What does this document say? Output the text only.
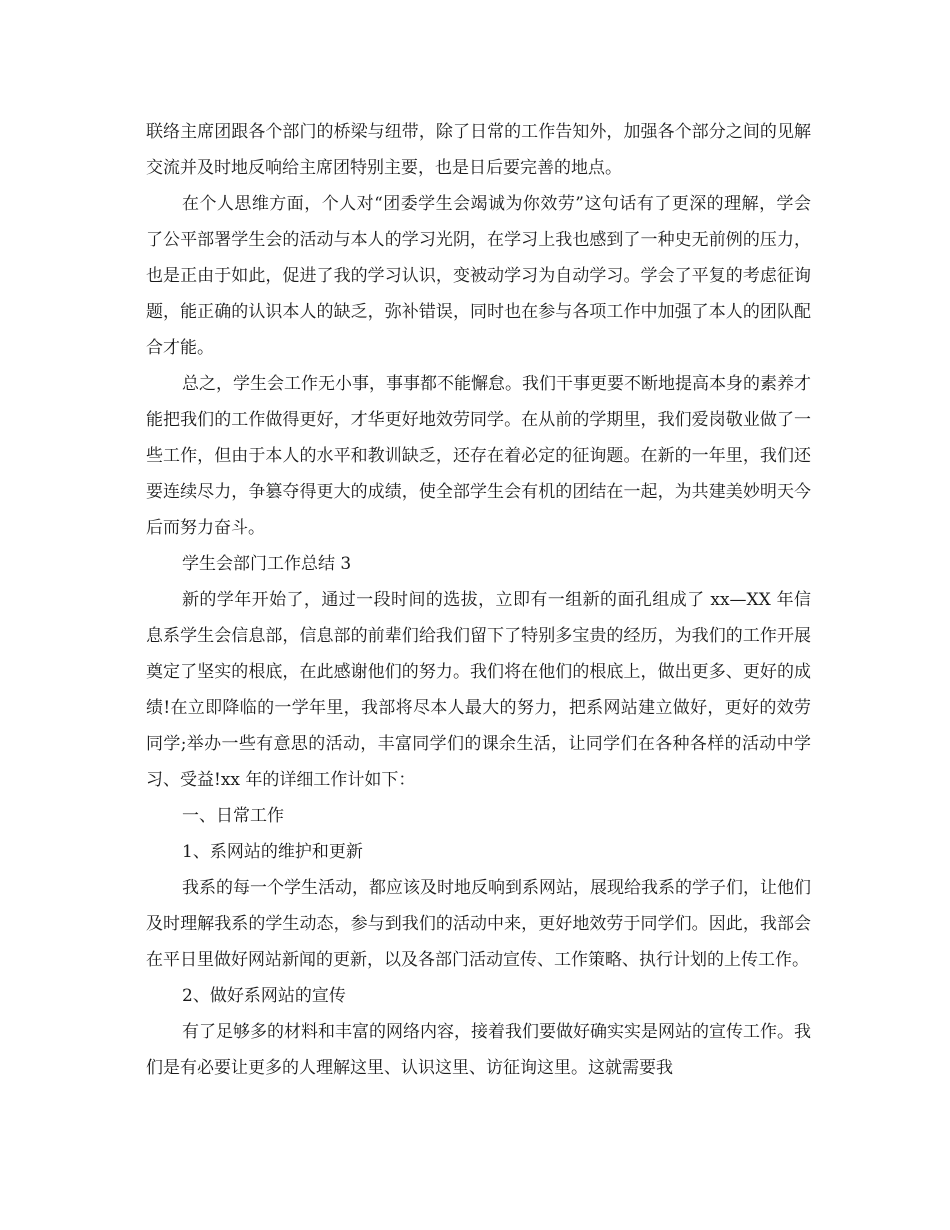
联络主席团跟各个部门的桥梁与纽带，除了日常的工作告知外，加强各个部分之间的见解交流并及时地反响给主席团特别主要，也是日后要完善的地点。

在个人思维方面，个人对“团委学生会竭诚为你效劳”这句话有了更深的理解，学会了公平部署学生会的活动与本人的学习光阴，在学习上我也感到了一种史无前例的压力，也是正由于如此，促进了我的学习认识，变被动学习为自动学习。学会了平复的考虑征询题，能正确的认识本人的缺乏，弥补错误，同时也在参与各项工作中加强了本人的团队配合才能。

总之，学生会工作无小事，事事都不能懈怠。我们干事更要不断地提高本身的素养才能把我们的工作做得更好，才华更好地效劳同学。在从前的学期里，我们爱岗敬业做了一些工作，但由于本人的水平和教训缺乏，还存在着必定的征询题。在新的一年里，我们还要连续尽力，争篡夺得更大的成绩，使全部学生会有机的团结在一起，为共建美妙明天今后而努力奋斗。

学生会部门工作总结 3

新的学年开始了，通过一段时间的选拔，立即有一组新的面孔组成了 xx—XX 年信息系学生会信息部，信息部的前辈们给我们留下了特别多宝贵的经历，为我们的工作开展奠定了坚实的根底，在此感谢他们的努力。我们将在他们的根底上，做出更多、更好的成绩!在立即降临的一学年里，我部将尽本人最大的努力，把系网站建立做好，更好的效劳同学;举办一些有意思的活动，丰富同学们的课余生活，让同学们在各种各样的活动中学习、受益!xx 年的详细工作计如下：

一、日常工作

1、系网站的维护和更新

我系的每一个学生活动，都应该及时地反响到系网站，展现给我系的学子们，让他们及时理解我系的学生动态，参与到我们的活动中来，更好地效劳于同学们。因此，我部会在平日里做好网站新闻的更新，以及各部门活动宣传、工作策略、执行计划的上传工作。

2、做好系网站的宣传

有了足够多的材料和丰富的网络内容，接着我们要做好确实实是网站的宣传工作。我们是有必要让更多的人理解这里、认识这里、访征询这里。这就需要我
